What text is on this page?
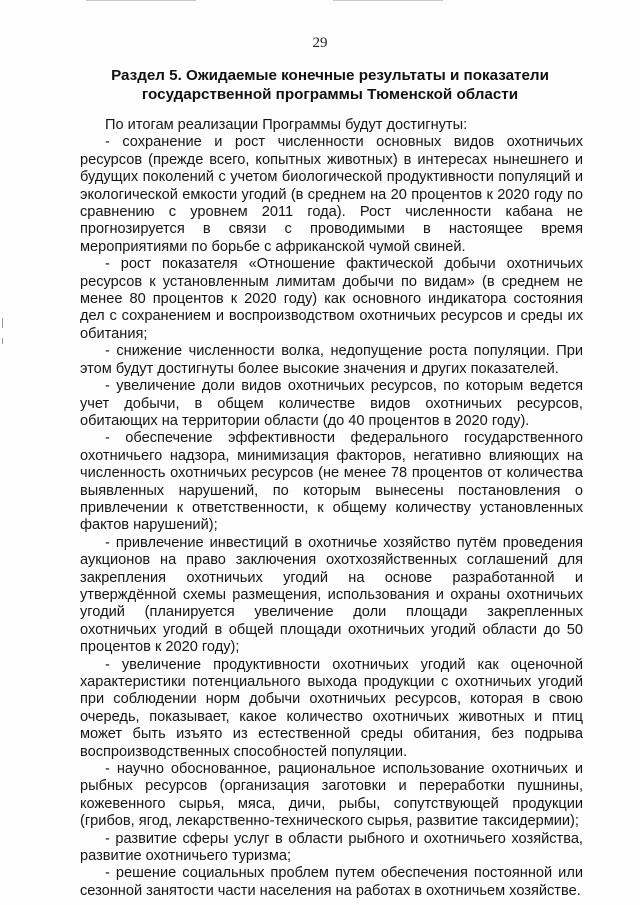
29
Раздел 5. Ожидаемые конечные результаты и показатели
государственной программы Тюменской области

По итогам реализации Программы будут достигнуты:

- сохранение и рост численности основных видов охотничьих ресурсов (прежде всего, копытных животных) в интересах нынешнего и будущих поколений с учетом биологической продуктивности популяций и экологической емкости угодий (в среднем на 20 процентов к 2020 году по сравнению с уровнем 2011 года). Рост численности кабана не прогнозируется в связи с проводимыми в настоящее время мероприятиями по борьбе с африканской чумой свиней.

- рост показателя «Отношение фактической добычи охотничьих ресурсов к установленным лимитам добычи по видам» (в среднем не менее 80 процентов к 2020 году) как основного индикатора состояния дел с сохранением и воспроизводством охотничьих ресурсов и среды их обитания;

- снижение численности волка, недопущение роста популяции. При этом будут достигнуты более высокие значения и других показателей.

- увеличение доли видов охотничьих ресурсов, по которым ведется учет добычи, в общем количестве видов охотничьих ресурсов, обитающих на территории области (до 40 процентов в 2020 году).

- обеспечение эффективности федерального государственного охотничьего надзора, минимизация факторов, негативно влияющих на численность охотничьих ресурсов (не менее 78 процентов от количества выявленных нарушений, по которым вынесены постановления о привлечении к ответственности, к общему количеству установленных фактов нарушений);

- привлечение инвестиций в охотничье хозяйство путём проведения аукционов на право заключения охотхозяйственных соглашений для закрепления охотничьих угодий на основе разработанной и утверждённой схемы размещения, использования и охраны охотничьих угодий (планируется увеличение доли площади закрепленных охотничьих угодий в общей площади охотничьих угодий области до 50 процентов к 2020 году);

- увеличение продуктивности охотничьих угодий как оценочной характеристики потенциального выхода продукции с охотничьих угодий при соблюдении норм добычи охотничьих ресурсов, которая в свою очередь, показывает, какое количество охотничьих животных и птиц может быть изъято из естественной среды обитания, без подрыва воспроизводственных способностей популяции.

- научно обоснованное, рациональное использование охотничьих и рыбных ресурсов (организация заготовки и переработки пушнины, кожевенного сырья, мяса, дичи, рыбы, сопутствующей продукции (грибов, ягод, лекарственно-технического сырья, развитие таксидермии);

- развитие сферы услуг в области рыбного и охотничьего хозяйства, развитие охотничьего туризма;

- решение социальных проблем путем обеспечения постоянной или сезонной занятости части населения на работах в охотничьем хозяйстве.
